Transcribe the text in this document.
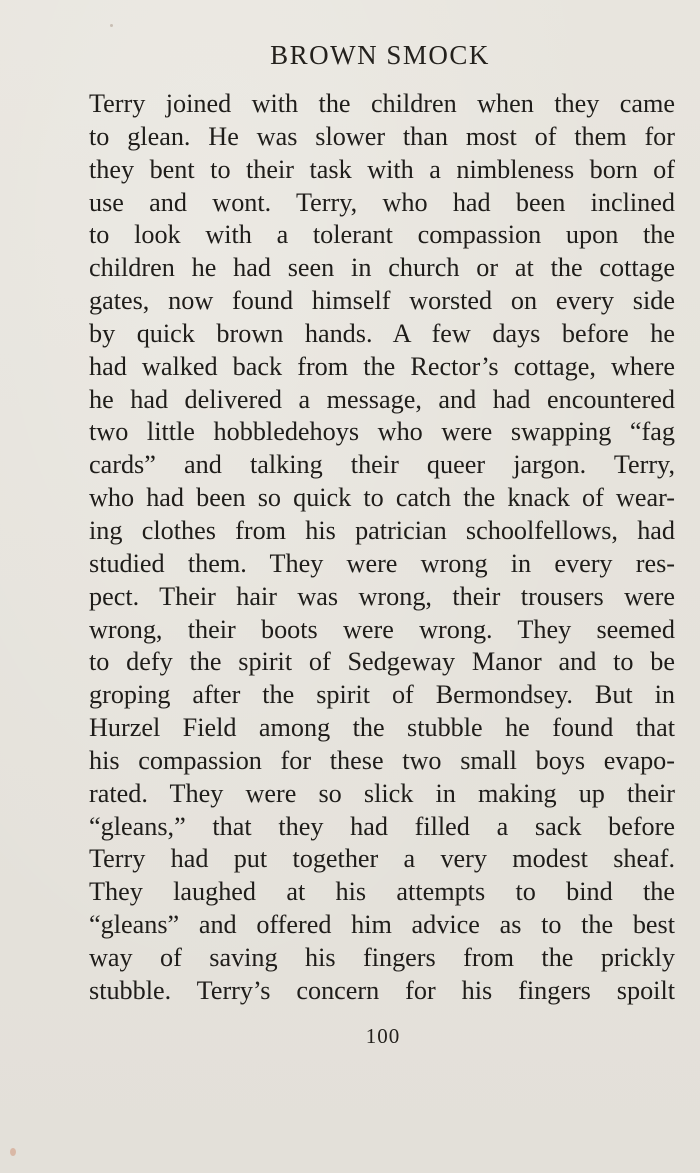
BROWN SMOCK
Terry joined with the children when they came
to glean. He was slower than most of them for
they bent to their task with a nimbleness born of
use and wont. Terry, who had been inclined
to look with a tolerant compassion upon the
children he had seen in church or at the cottage
gates, now found himself worsted on every side
by quick brown hands. A few days before he
had walked back from the Rector’s cottage, where
he had delivered a message, and had encountered
two little hobbledehoys who were swapping “fag
cards” and talking their queer jargon. Terry,
who had been so quick to catch the knack of wear-
ing clothes from his patrician schoolfellows, had
studied them. They were wrong in every res-
pect. Their hair was wrong, their trousers were
wrong, their boots were wrong. They seemed
to defy the spirit of Sedgeway Manor and to be
groping after the spirit of Bermondsey. But in
Hurzel Field among the stubble he found that
his compassion for these two small boys evapo-
rated. They were so slick in making up their
“gleans,” that they had filled a sack before
Terry had put together a very modest sheaf.
They laughed at his attempts to bind the
“gleans” and offered him advice as to the best
way of saving his fingers from the prickly
stubble. Terry’s concern for his fingers spoilt
100
